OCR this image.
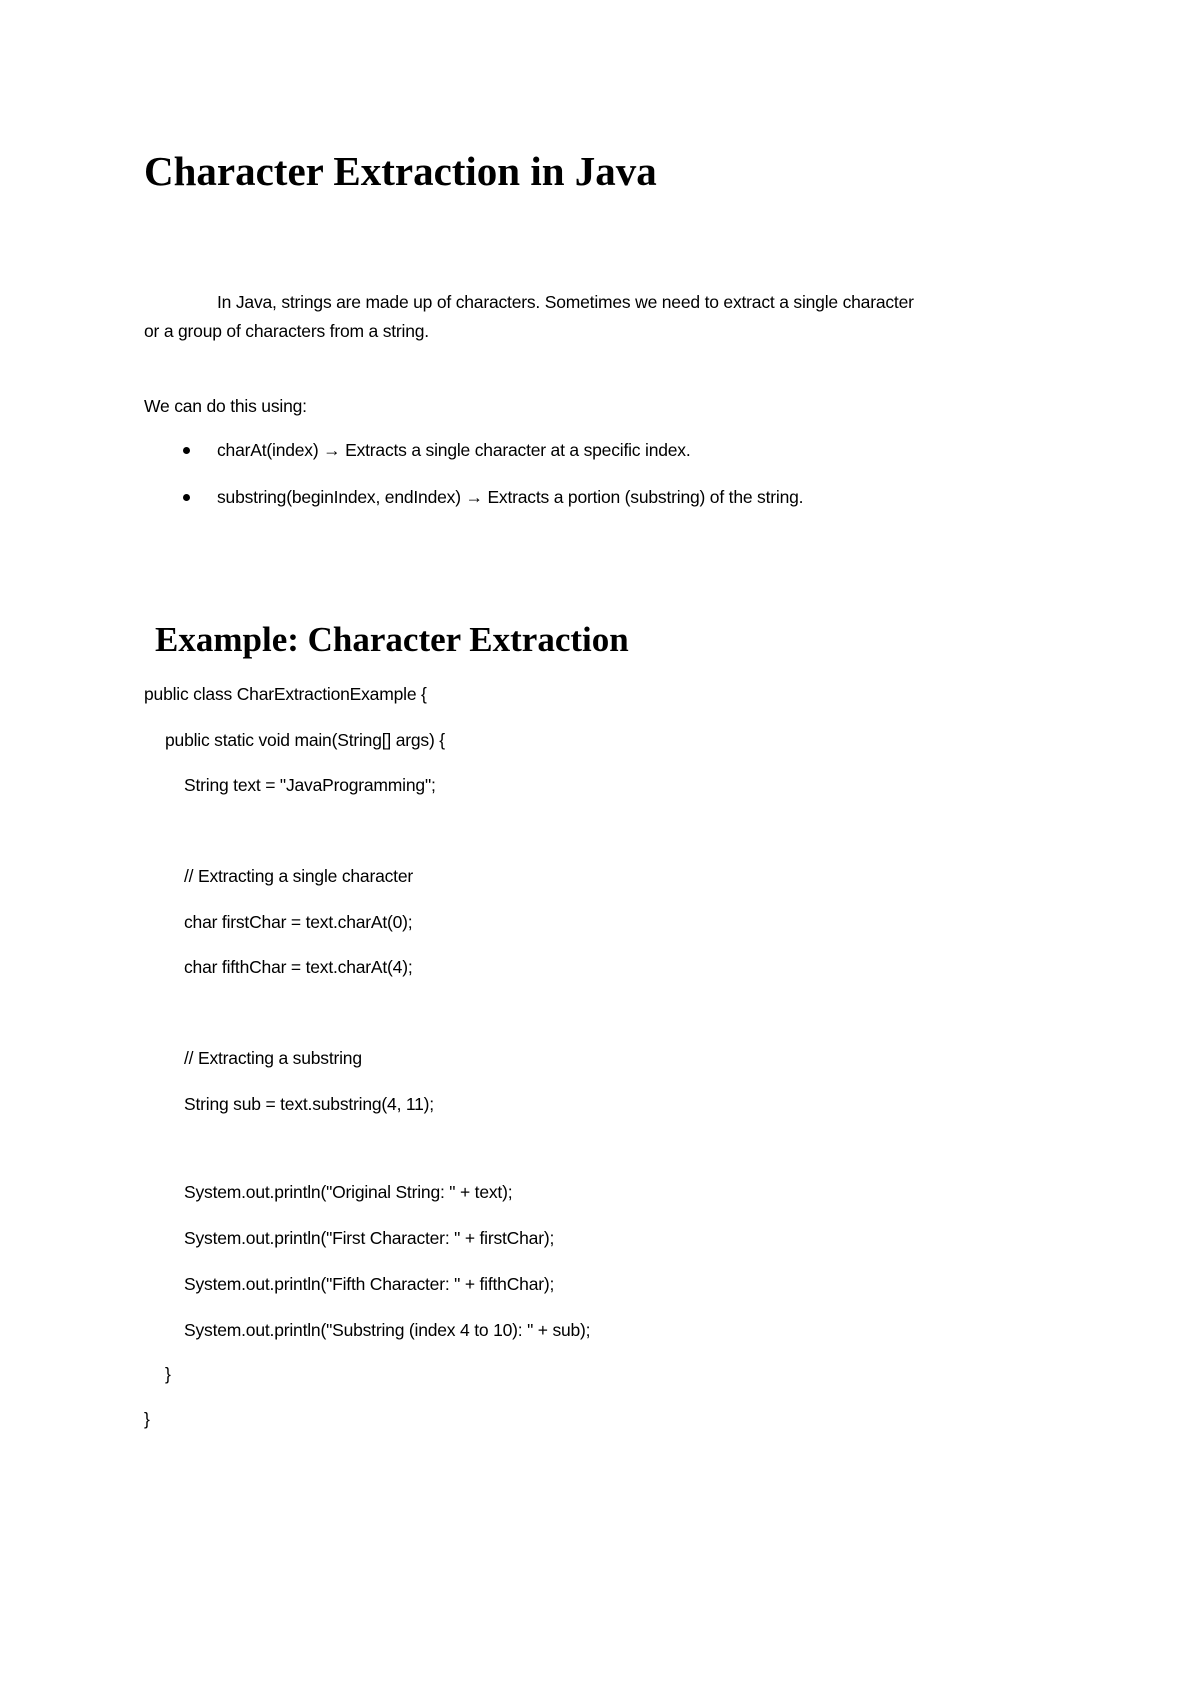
Character Extraction in Java
In Java, strings are made up of characters. Sometimes we need to extract a single character
or a group of characters from a string.
We can do this using:
charAt(index) → Extracts a single character at a specific index.
substring(beginIndex, endIndex) → Extracts a portion (substring) of the string.
Example: Character Extraction
public class CharExtractionExample {
public static void main(String[] args) {
String text = "JavaProgramming";
// Extracting a single character
char firstChar = text.charAt(0);
char fifthChar = text.charAt(4);
// Extracting a substring
String sub = text.substring(4, 11);
System.out.println("Original String: " + text);
System.out.println("First Character: " + firstChar);
System.out.println("Fifth Character: " + fifthChar);
System.out.println("Substring (index 4 to 10): " + sub);
}
}
